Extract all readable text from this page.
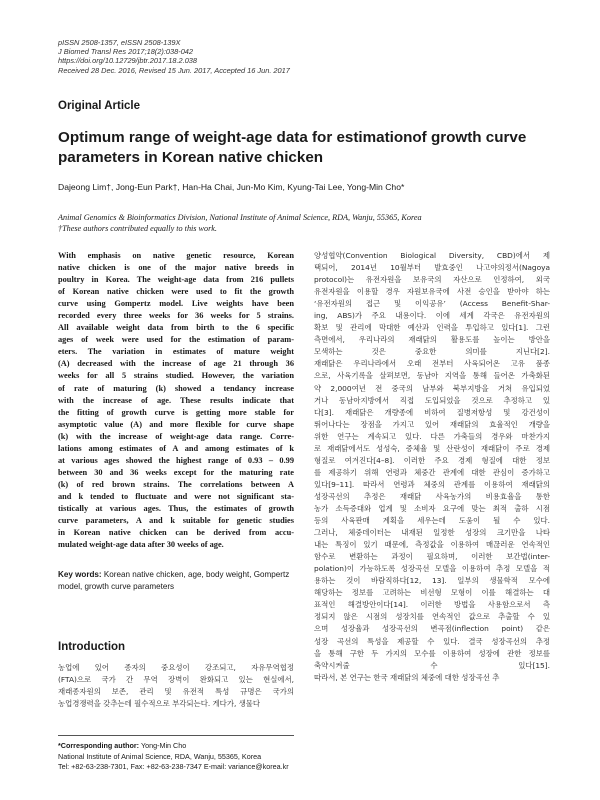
pISSN 2508-1357, eISSN 2508-139X
J Biomed Transl Res 2017;18(2):038-042
https://doi.org/10.12729/jbtr.2017.18.2.038
Received 28 Dec. 2016, Revised 15 Jun. 2017, Accepted 16 Jun. 2017
Original Article
Optimum range of weight-age data for estimationof growth curve parameters in Korean native chicken
Dajeong Lim†, Jong-Eun Park†, Han-Ha Chai, Jun-Mo Kim, Kyung-Tai Lee, Yong-Min Cho*
Animal Genomics & Bioinformatics Division, National Institute of Animal Science, RDA, Wanju, 55365, Korea
†These authors contributed equally to this work.
With emphasis on native genetic resource, Korean
native chicken is one of the major native breeds in
poultry in Korea. The weight-age data from 216 pullets
of Korean native chicken were used to fit the growth
curve using Gompertz model. Live weights have been
recorded every three weeks for 36 weeks for 5 strains.
All available weight data from birth to the 6 specific
ages of week were used for the estimation of param-
eters. The variation in estimates of mature weight
(A) decreased with the increase of age 21 through 36
weeks for all 5 strains studied. However, the variation
of rate of maturing (k) showed a tendancy increase
with the increase of age. These results indicate that
the fitting of growth curve is getting more stable for
asymptotic value (A) and more flexible for curve shape
(k) with the increase of weight-age data range. Corre-
lations among estimates of A and among estimates of k
at various ages showed the highest range of 0.93 – 0.99
between 30 and 36 weeks except for the maturing rate
(k) of red brown strains. The correlations between A
and k tended to fluctuate and were not significant sta-
tistically at various ages. Thus, the estimates of growth
curve parameters, A and k suitable for genetic studies
in Korean native chicken can be derived from accu-
mulated weight-age data after 30 weeks of age.
Key words: Korean native chicken, age, body weight, Gompertz model, growth curve parameters
Introduction
농업에 있어 종자의 중요성이 강조되고, 자유무역협정
(FTA)으로 국가 간 무역 장벽이 완화되고 있는 현실에서,
재래종자원의 보존, 관리 및 유전적 특성 규명은 국가의
농업경쟁력을 갖추는데 필수적으로 부각되는다. 게다가, 생물다
양성협약(Convention Biological Diversity, CBD)에서 제
택되어, 2014년 10월부터 발효중인 나고야의정서(Nagoya
protocol)는 유전자원을 보유국의 자산으로 인정하여, 외국
유전자원을 이용할 경우 자원보유국에 사전 승인을 받아야 하는
‘유전자원의 접근 및 이익공유’ (Access Benefit-Shar-
ing, ABS)가 주요 내용이다. 이에 세계 각국은 유전자원의
확보 및 관리에 막대한 예산과 인력을 투입하고 있다[1]. 그런
측면에서, 우리나라의 재래닭의 활용도를 높이는 방안을
모색하는 것은 중요한 의미를 지닌다[2].
재래닭은 우리나라에서 오래 전부터 사육되어온 고유 품종
으로, 사육기록을 살펴보면, 동남아 지역을 통해 들어온 가축화된
약 2,000여년 전 중국의 남부와 북부지방을 거쳐 유입되었
거나 동남아지방에서 직접 도입되었을 것으로 추정하고 있
다[3]. 재래닭은 개량종에 비하여 질병저항성 및 강건성이
뛰어나다는 장점을 가지고 있어 재래닭의 효율적인 개량을
위한 연구는 계속되고 있다. 다른 가축들의 경우와 마찬가지
로 재래닭에서도 성성숙, 증체율 및 산란성이 재래닭이 주로 경제
형질로 여겨진다[4–8]. 이러한 주요 경제 형질에 대한 정보
를 제공하기 위해 연령과 체중간 관계에 대한 관심이 증가하고
있다[9–11]. 따라서 연령과 체중의 관계를 이용하여 재래닭의
성장곡선의 추정은 재래닭 사육농가의 비용효율을 통한
농가 소득증대와 업계 및 소비자 요구에 맞는 최적 출하 시점
등의 사육판매 계획을 세우는데 도움이 될 수 있다.
그러나, 체중데이터는 내재된 일정한 성장의 크기만을 나타
내는 특징이 있기 때문에, 측정값을 이용하여 매끊러운 연속적인
함수로 변환하는 과정이 필요하며, 이러한 보간법(inter-
polation)이 가능하도록 성장곡선 모델을 이용하여 추정 모델을 적
용하는 것이 바람직하다[12, 13]. 일부의 생물학적 모수에
해당하는 정보를 고려하는 비선형 모형이 이를 해결하는 대
표적인 해결방안이다[14]. 이러한 방법을 사용함으로서 측
정되지 않은 시점의 성장치를 연속적인 값으로 추출할 수 있
으며 성장율과 성장곡선의 변곡점(inflection point) 같은
성장 곡선의 특성을 제공할 수 있다. 결국 성장곡선의 추정
을 통해 구한 두 가지의 모수를 이용하여 성장에 관한 정보를
축약시켜줄 수 있다[15].
따라서, 본 연구는 한국 재래닭의 체중에 대한 성장곡선 추
*Corresponding author: Yong-Min Cho
National Institute of Animal Science, RDA, Wanju, 55365, Korea
Tel: +82-63-238-7301, Fax: +82-63-238-7347 E-mail: variance@korea.kr
